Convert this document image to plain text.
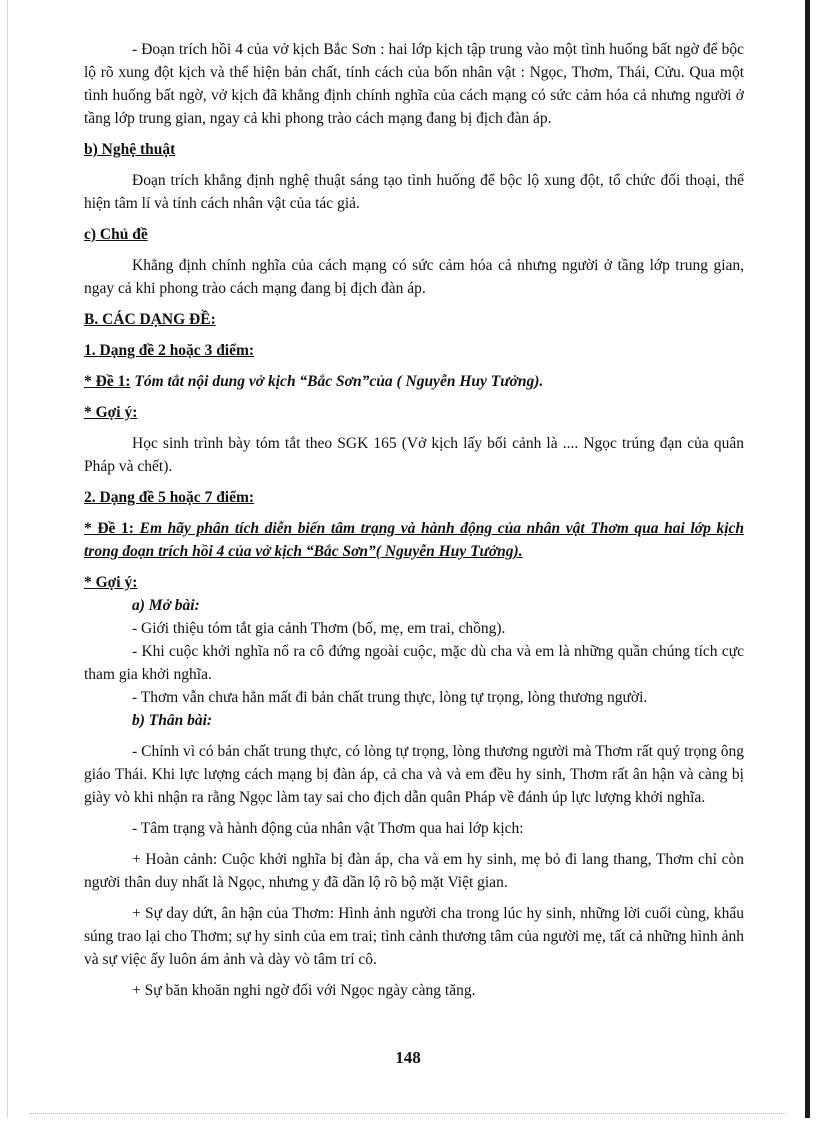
- Đoạn trích hồi 4 của vở kịch Bắc Sơn : hai lớp kịch tập trung vào một tình huống bất ngờ để bộc lộ rõ xung đột kịch và thể hiện bản chất, tính cách của bốn nhân vật : Ngọc, Thơm, Thái, Cửu. Qua một tình huống bất ngờ, vở kịch đã khẳng định chính nghĩa của cách mạng có sức cảm hóa cả nhưng người ở tầng lớp trung gian, ngay cả khi phong trào cách mạng đang bị địch đàn áp.

b) Nghệ thuật

Đoạn trích khẳng định nghệ thuật sáng tạo tình huống để bộc lộ xung đột, tổ chức đối thoại, thể hiện tâm lí và tính cách nhân vật của tác giả.

c) Chủ đề

Khẳng định chính nghĩa của cách mạng có sức cảm hóa cả nhưng người ở tầng lớp trung gian, ngay cả khi phong trào cách mạng đang bị địch đàn áp.

B. CÁC DẠNG ĐỀ:

1. Dạng đề 2 hoặc 3 điểm:

* Đề 1: Tóm tắt nội dung vở kịch “Bắc Sơn”của ( Nguyễn Huy Tưởng).

* Gợi ý:

Học sinh trình bày tóm tắt theo SGK 165 (Vở kịch lấy bối cảnh là .... Ngọc trúng đạn của quân Pháp và chết).

2. Dạng đề 5 hoặc 7 điểm:

* Đề 1: Em hãy phân tích diễn biến tâm trạng và hành động của nhân vật Thơm qua hai lớp kịch trong đoạn trích hồi 4 của vở kịch “Bắc Sơn”( Nguyễn Huy Tưởng).

* Gợi ý:

a) Mở bài:

- Giới thiệu tóm tắt gia cảnh Thơm (bố, mẹ, em trai, chồng).

- Khi cuộc khởi nghĩa nổ ra cô đứng ngoài cuộc, mặc dù cha và em là những quần chúng tích cực tham gia khởi nghĩa.

- Thơm vẫn chưa hẳn mất đi bản chất trung thực, lòng tự trọng, lòng thương người.

b) Thân bài:

- Chính vì có bản chất trung thực, có lòng tự trọng, lòng thương người mà Thơm rất quý trọng ông giáo Thái. Khi lực lượng cách mạng bị đàn áp, cả cha và và em đều hy sinh, Thơm rất ân hận và càng bị giày vò khi nhận ra rằng Ngọc làm tay sai cho địch dẫn quân Pháp về đánh úp lực lượng khởi nghĩa.

- Tâm trạng và hành động của nhân vật Thơm qua hai lớp kịch:

+ Hoàn cảnh: Cuộc khởi nghĩa bị đàn áp, cha và em hy sinh, mẹ bỏ đi lang thang, Thơm chỉ còn người thân duy nhất là Ngọc, nhưng y đã dần lộ rõ bộ mặt Việt gian.

+ Sự day dứt, ân hận của Thơm: Hình ảnh người cha trong lúc hy sinh, những lời cuối cùng, khẩu súng trao lại cho Thơm; sự hy sinh của em trai; tình cảnh thương tâm của người mẹ, tất cả những hình ảnh và sự việc ấy luôn ám ảnh và dày vò tâm trí cô.

+ Sự băn khoăn nghi ngờ đối với Ngọc ngày càng tăng.

148
